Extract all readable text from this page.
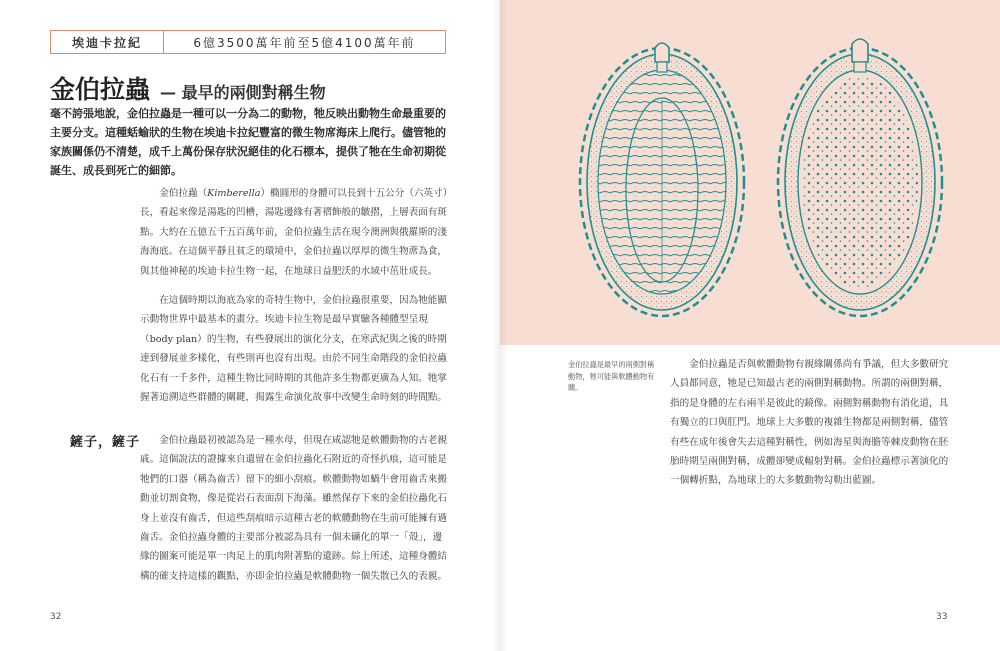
埃迪卡拉紀	6億3500萬年前至5億4100萬年前
金伯拉蟲 — 最早的兩側對稱生物

毫不誇張地說，金伯拉蟲是一種可以一分為二的動物，牠反映出動物生命最重要的主要分支。這種蛞蝓狀的生物在埃迪卡拉紀豐富的微生物席海床上爬行。儘管牠的家族關係仍不清楚，成千上萬份保存狀況絕佳的化石標本，提供了牠在生命初期從誕生、成長到死亡的細節。

金伯拉蟲（Kimberella）橢圓形的身體可以長到十五公分（六英寸）長，看起來像是湯匙的凹槽，湯匙邊緣有著褶飾般的皺摺，上層表面有斑點。大約在五億五千五百萬年前，金伯拉蟲生活在現今澳洲與俄羅斯的淺海海底。在這個平靜且貧乏的環境中，金伯拉蟲以厚厚的微生物蓆為食，與其他神秘的埃迪卡拉生物一起，在地球日益肥沃的水域中茁壯成長。

在這個時期以海底為家的奇特生物中，金伯拉蟲很重要，因為牠能顯示動物世界中最基本的畫分。埃迪卡拉生物是最早實驗各種體型呈現（body plan）的生物，有些發展出的演化分支，在寒武紀與之後的時期達到發展並多樣化，有些則再也沒有出現。由於不同生命階段的金伯拉蟲化石有一千多件，這種生物比同時期的其他許多生物都更廣為人知。牠掌握著追溯這些群體的關鍵，揭露生命演化故事中改變生命時刻的時間點。

鏟子，鏟子	金伯拉蟲最初被認為是一種水母，但現在咸認牠是軟體動物的古老親戚。這個說法的證據來自遺留在金伯拉蟲化石附近的奇怪扒痕，這可能是牠們的口器（稱為齒舌）留下的細小刮痕。軟體動物如蝸牛會用齒舌來搬動並切割食物，像是從岩石表面刮下海藻。雖然保存下來的金伯拉蟲化石身上並沒有齒舌，但這些刮痕暗示這種古老的軟體動物在生前可能擁有過齒舌。金伯拉蟲身體的主要部分被認為具有一個未礦化的單一「殼」，邊緣的圖案可能是單一肉足上的肌肉附著點的遺跡。綜上所述，這種身體結構的確支持這樣的觀點，亦即金伯拉蟲是軟體動物一個失散已久的表親。

32

金伯拉蟲是最早的兩側對稱動物，牠可能與軟體動物有關。

金伯拉蟲是否與軟體動物有親緣關係尚有爭議，但大多數研究人員都同意，牠是已知最古老的兩側對稱動物。所謂的兩側對稱，指的是身體的左右兩半是彼此的鏡像。兩側對稱動物有消化道，具有獨立的口與肛門。地球上大多數的複雜生物都是兩側對稱，儘管有些在成年後會失去這種對稱性，例如海星與海膽等棘皮動物在胚胎時期呈兩側對稱，成體卻變成輻射對稱。金伯拉蟲標示著演化的一個轉折點，為地球上的大多數動物勾勒出藍圖。

33
